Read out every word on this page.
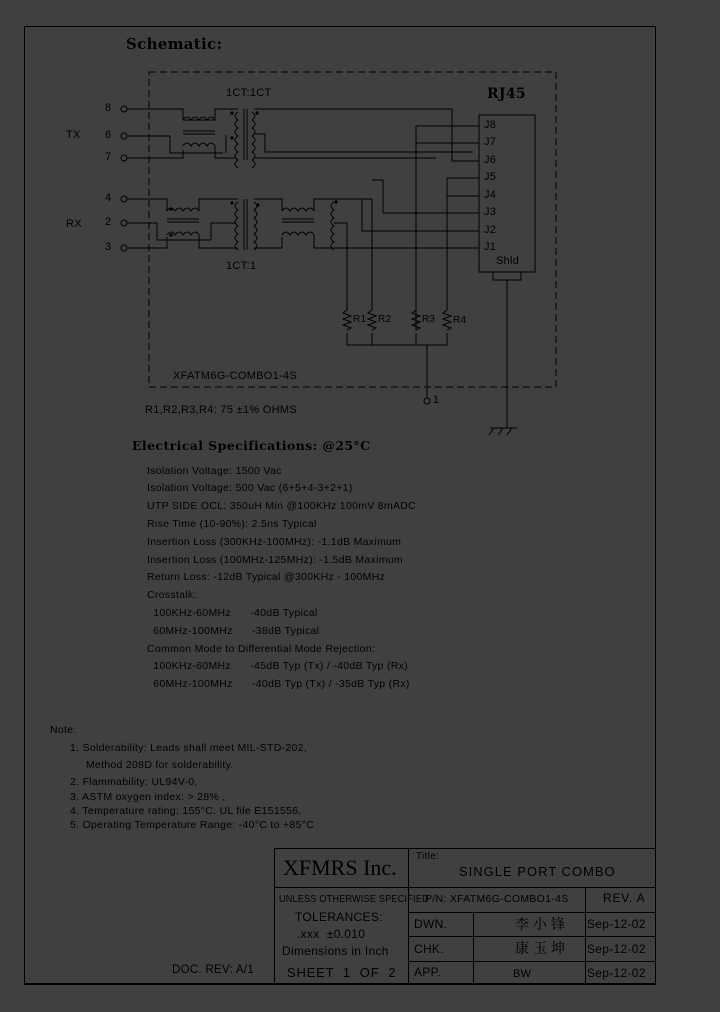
Schematic:
1CT:1CT
1CT:1
TX
RX
8
6
7
4
2
3
RJ45
J8
J7
J6
J5
J4
J3
J2
J1
Shld
R1 R2	R3 R4
1
XFATM6G-COMBO1-4S
R1,R2,R3,R4: 75 ±1% OHMS
Electrical Specifications: @25°C
Isolation Voltage: 1500 Vac
Isolation Voltage: 500 Vac (6+5+4-3+2+1)
UTP SIDE OCL: 350uH Min @100KHz 100mV 8mADC
Rise Time (10-90%): 2.5ns Typical
Insertion Loss (300KHz-100MHz): -1.1dB Maximum
Insertion Loss (100MHz-125MHz): -1.5dB Maximum
Return Loss: -12dB Typical @300KHz - 100MHz
Crosstalk:
100KHz-60MHz      -40dB Typical
60MHz-100MHz      -38dB Typical
Common Mode to Differential Mode Rejection:
100KHz-60MHz      -45dB Typ (Tx) / -40dB Typ (Rx)
60MHz-100MHz      -40dB Typ (Tx) / -35dB Typ (Rx)
Note:
1. Solderability: Leads shall meet MIL-STD-202,
Method 208D for solderability.
2. Flammability: UL94V-0,
3. ASTM oxygen index: > 28% ,
4. Temperature rating: 155°C. UL file E151556,
5. Operating Temperature Range: -40°C to +85°C
DOC. REV: A/1
XFMRS Inc. Title:
SINGLE PORT COMBO
UNLESS OTHERWISE SPECIFIED
TOLERANCES:
.xxx  ±0.010
Dimensions in Inch
SHEET  1  OF  2
P/N: XFATM6G-COMBO1-4S	REV. A
DWN.	李小锋 Sep-12-02
CHK.	康玉坤 Sep-12-02
APP.	BW	Sep-12-02
